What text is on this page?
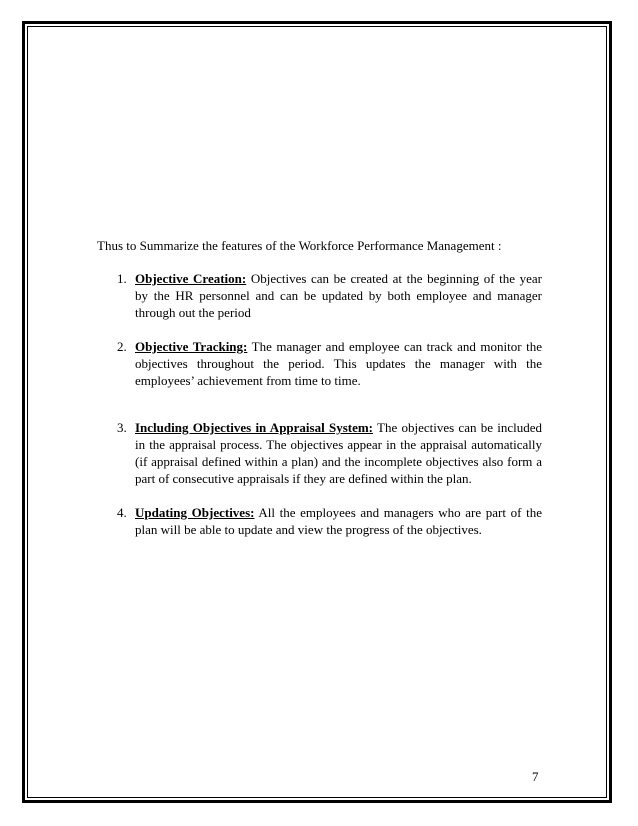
Thus to Summarize the features of the Workforce Performance Management :

1. Objective Creation: Objectives can be created at the beginning of the year by the HR personnel and can be updated by both employee and manager through out the period
2. Objective Tracking: The manager and employee can track and monitor the objectives throughout the period. This updates the manager with the employees’ achievement from time to time.
3. Including Objectives in Appraisal System: The objectives can be included in the appraisal process. The objectives appear in the appraisal automatically (if appraisal defined within a plan) and the incomplete objectives also form a part of consecutive appraisals if they are defined within the plan.
4. Updating Objectives: All the employees and managers who are part of the plan will be able to update and view the progress of the objectives.
7
